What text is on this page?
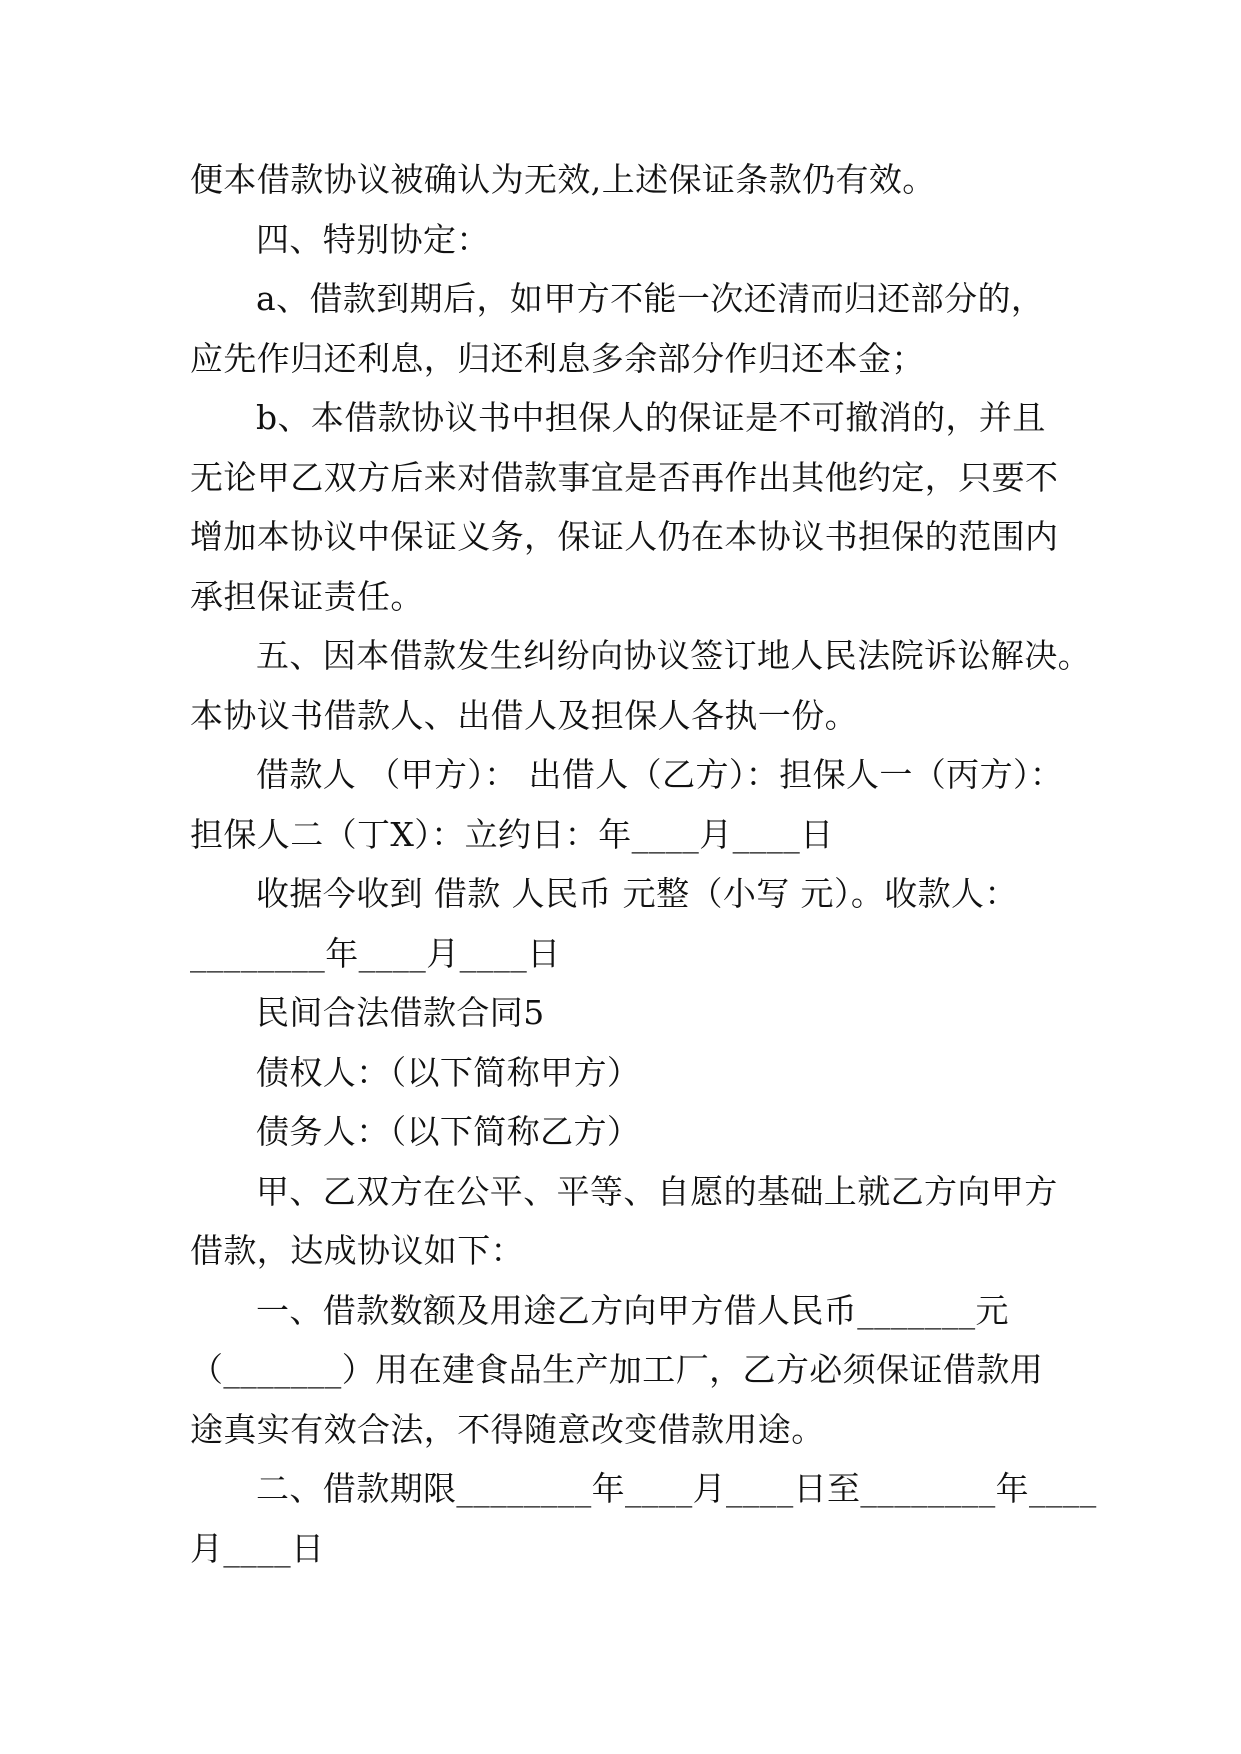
便本借款协议被确认为无效,上述保证条款仍有效。

四、特别协定：

a、借款到期后，如甲方不能一次还清而归还部分的，

应先作归还利息，归还利息多余部分作归还本金；

b、本借款协议书中担保人的保证是不可撤消的，并且

无论甲乙双方后来对借款事宜是否再作出其他约定，只要不

增加本协议中保证义务，保证人仍在本协议书担保的范围内

承担保证责任。

五、因本借款发生纠纷向协议签订地人民法院诉讼解决。

本协议书借款人、出借人及担保人各执一份。

借款人 （甲方）： 出借人（乙方）：担保人一（丙方）：

担保人二（丁X）：立约日：年____月____日

收据今收到 借款 人民币 元整（小写 元）。收款人：

________年____月____日

民间合法借款合同5

债权人：（以下简称甲方）

债务人：（以下简称乙方）

甲、乙双方在公平、平等、自愿的基础上就乙方向甲方

借款，达成协议如下：

一、借款数额及用途乙方向甲方借人民币_______元

（_______）用在建食品生产加工厂，乙方必须保证借款用

途真实有效合法，不得随意改变借款用途。

二、借款期限________年____月____日至________年____

月____日
